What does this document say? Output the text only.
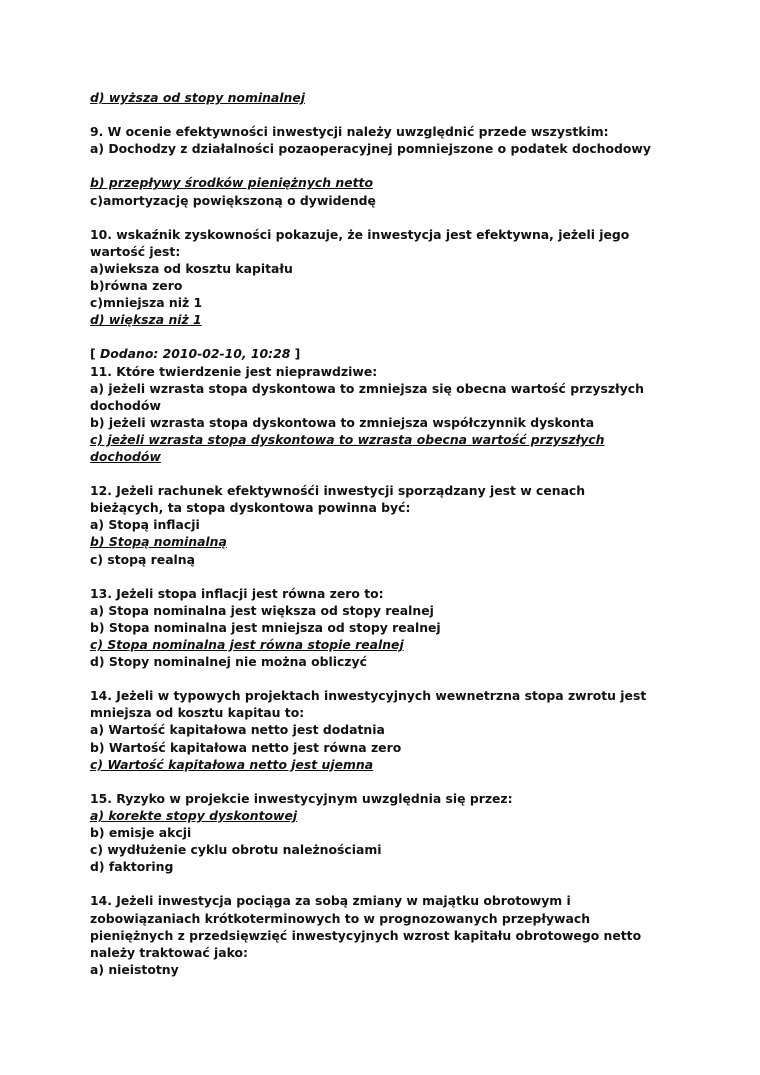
d) wyższa od stopy nominalnej
9. W ocenie efektywności inwestycji należy uwzględnić przede wszystkim:
a) Dochodzy z działalności pozaoperacyjnej pomniejszone o podatek dochodowy
b) przepływy środków pieniężnych netto
c)amortyzację powiększoną o dywidendę
10. wskaźnik zyskowności pokazuje, że inwestycja jest efektywna, jeżeli jego
wartość jest:
a)wieksza od kosztu kapitału
b)równa zero
c)mniejsza niż 1
d) większa niż 1
[ Dodano: 2010-02-10, 10:28 ]
11. Które twierdzenie jest nieprawdziwe:
a) jeżeli wzrasta stopa dyskontowa to zmniejsza się obecna wartość przyszłych
dochodów
b) jeżeli wzrasta stopa dyskontowa to zmniejsza współczynnik dyskonta
c) jeżeli wzrasta stopa dyskontowa to wzrasta obecna wartość przyszłych
dochodów
12. Jeżeli rachunek efektywnośći inwestycji sporządzany jest w cenach
bieżących, ta stopa dyskontowa powinna być:
a) Stopą inflacji
b) Stopą nominalną
c) stopą realną
13. Jeżeli stopa inflacji jest równa zero to:
a) Stopa nominalna jest większa od stopy realnej
b) Stopa nominalna jest mniejsza od stopy realnej
c) Stopa nominalna jest równa stopie realnej
d) Stopy nominalnej nie można obliczyć
14. Jeżeli w typowych projektach inwestycyjnych wewnetrzna stopa zwrotu jest
mniejsza od kosztu kapitau to:
a) Wartość kapitałowa netto jest dodatnia
b) Wartość kapitałowa netto jest równa zero
c) Wartość kapitałowa netto jest ujemna
15. Ryzyko w projekcie inwestycyjnym uwzględnia się przez:
a) korekte stopy dyskontowej
b) emisje akcji
c) wydłużenie cyklu obrotu należnościami
d) faktoring
14. Jeżeli inwestycja pociąga za sobą zmiany w majątku obrotowym i
zobowiązaniach krótkoterminowych to w prognozowanych przepływach
pieniężnych z przedsięwzięć inwestycyjnych wzrost kapitału obrotowego netto
należy traktować jako:
a) nieistotny
